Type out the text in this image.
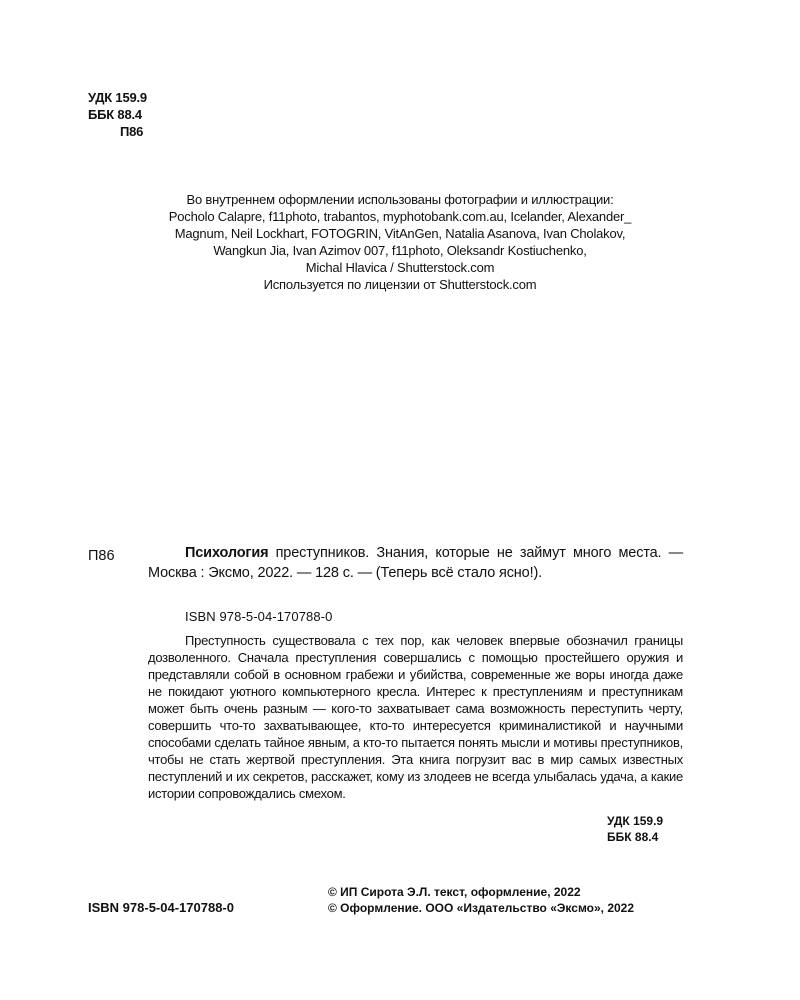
УДК 159.9
ББК 88.4
П86
Во внутреннем оформлении использованы фотографии и иллюстрации:
Pocholo Calapre, f11photo, trabantos, myphotobank.com.au, Icelander, Alexander_
Magnum, Neil Lockhart, FOTOGRIN, VitAnGen, Natalia Asanova, Ivan Cholakov,
Wangkun Jia, Ivan Azimov 007, f11photo, Oleksandr Kostiuchenko,
Michal Hlavica / Shutterstock.com
Используется по лицензии от Shutterstock.com
П86	Психология преступников. Знания, которые не займут много места. — Москва : Эксмо, 2022. — 128 с. — (Теперь всё стало ясно!).
ISBN 978-5-04-170788-0

Преступность существовала с тех пор, как человек впервые обозначил границы дозволенного. Сначала преступления совершались с помощью простейшего оружия и представляли собой в основном грабежи и убийства, современные же воры иногда даже не покидают уютного компьютерного кресла. Интерес к преступлениям и преступникам может быть очень разным — кого-то захватывает сама возможность переступить черту, совершить что-то захватывающее, кто-то интересуется криминалистикой и научными способами сделать тайное явным, а кто-то пытается понять мысли и мотивы преступников, чтобы не стать жертвой преступления. Эта книга погрузит вас в мир самых известных пеступлений и их секретов, расскажет, кому из злодеев не всегда улыбалась удача, а какие истории сопровождались смехом.

УДК 159.9
ББК 88.4
ISBN 978-5-04-170788-0
© ИП Сирота Э.Л. текст, оформление, 2022
© Оформление. ООО «Издательство «Эксмо», 2022
